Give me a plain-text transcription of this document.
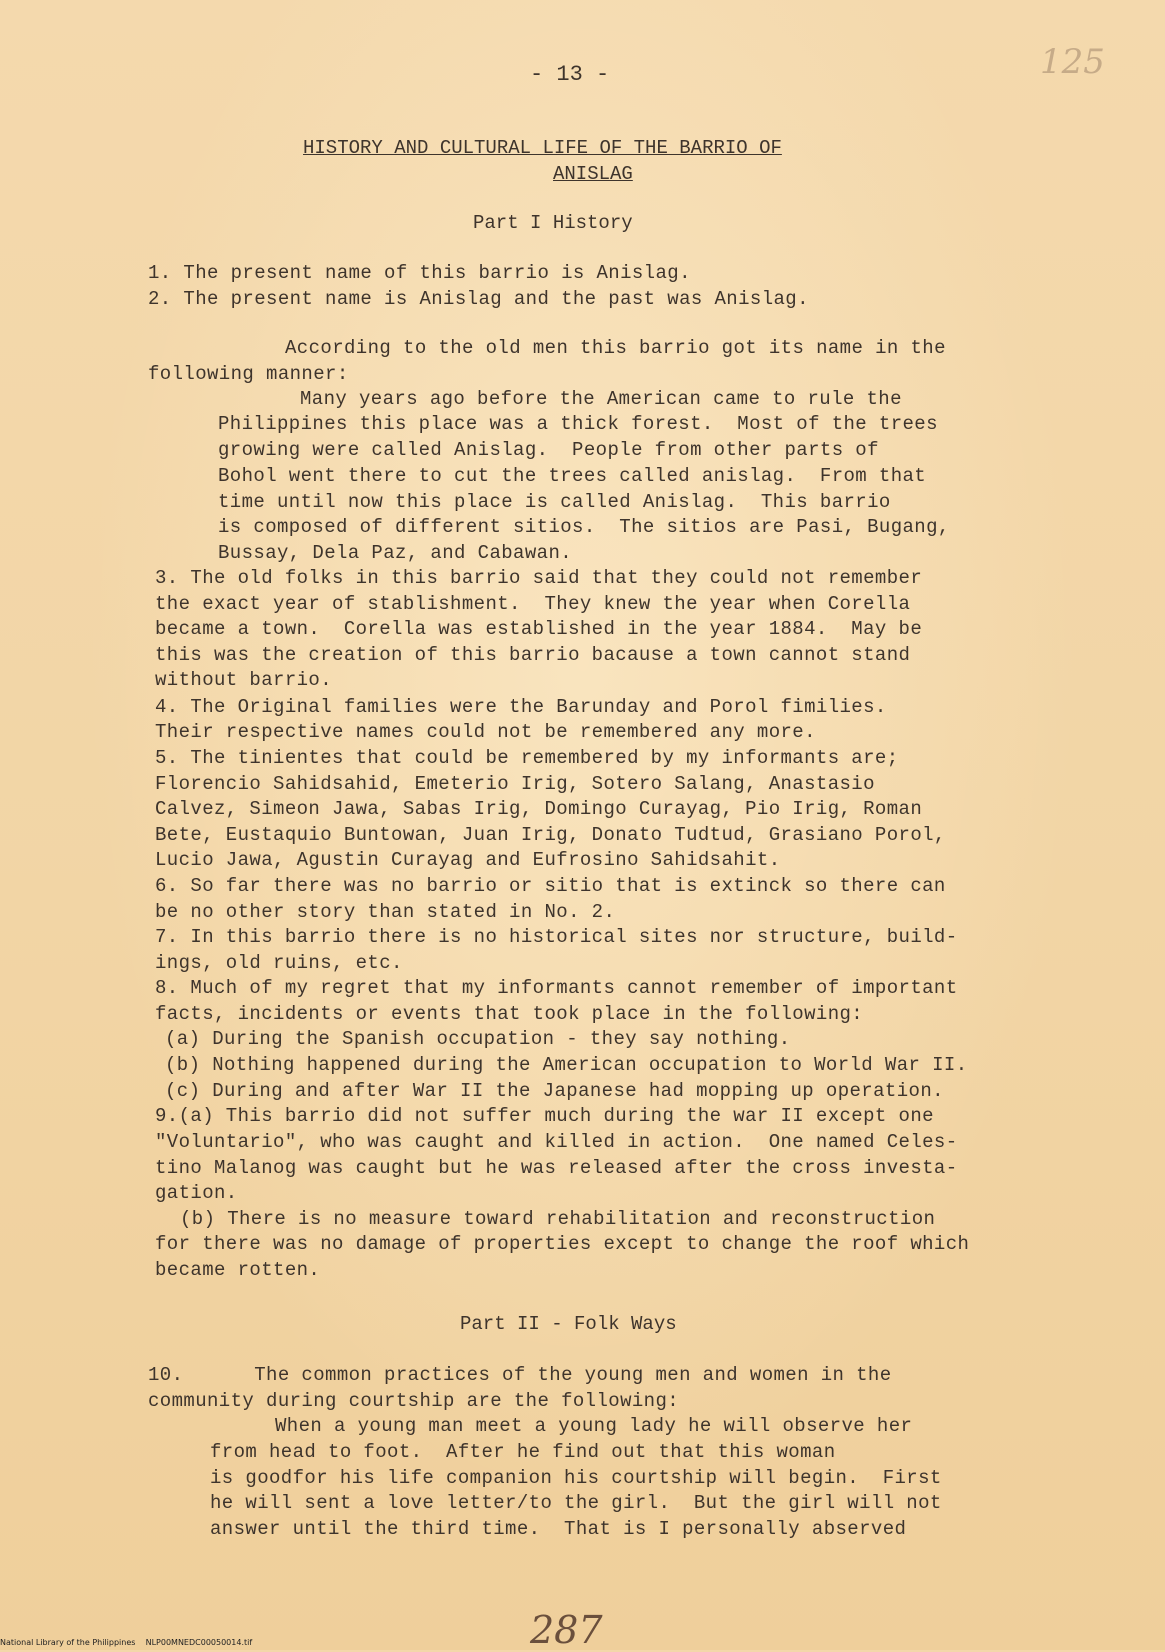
- 13 -	125
HISTORY AND CULTURAL LIFE OF THE BARRIO OF
ANISLAG
Part I History
1. The present name of this barrio is Anislag.
2. The present name is Anislag and the past was Anislag.
According to the old men this barrio got its name in the
following manner:
Many years ago before the American came to rule the
Philippines this place was a thick forest.  Most of the trees
growing were called Anislag.  People from other parts of
Bohol went there to cut the trees called anislag.  From that
time until now this place is called Anislag.  This barrio
is composed of different sitios.  The sitios are Pasi, Bugang,
Bussay, Dela Paz, and Cabawan.
3. The old folks in this barrio said that they could not remember
the exact year of stablishment.  They knew the year when Corella
became a town.  Corella was established in the year 1884.  May be
this was the creation of this barrio bacause a town cannot stand
without barrio.
4. The Original families were the Barunday and Porol fimilies.
Their respective names could not be remembered any more.
5. The tinientes that could be remembered by my informants are;
Florencio Sahidsahid, Emeterio Irig, Sotero Salang, Anastasio
Calvez, Simeon Jawa, Sabas Irig, Domingo Curayag, Pio Irig, Roman
Bete, Eustaquio Buntowan, Juan Irig, Donato Tudtud, Grasiano Porol,
Lucio Jawa, Agustin Curayag and Eufrosino Sahidsahit.
6. So far there was no barrio or sitio that is extinck so there can
be no other story than stated in No. 2.
7. In this barrio there is no historical sites nor structure, build-
ings, old ruins, etc.
8. Much of my regret that my informants cannot remember of important
facts, incidents or events that took place in the following:
(a) During the Spanish occupation - they say nothing.
(b) Nothing happened during the American occupation to World War II.
(c) During and after War II the Japanese had mopping up operation.
9.(a) This barrio did not suffer much during the war II except one
"Voluntario", who was caught and killed in action.  One named Celes-
tino Malanog was caught but he was released after the cross investa-
gation.
(b) There is no measure toward rehabilitation and reconstruction
for there was no damage of properties except to change the roof which
became rotten.
Part II - Folk Ways
10.      The common practices of the young men and women in the
community during courtship are the following:
When a young man meet a young lady he will observe her
from head to foot.  After he find out that this woman
is goodfor his life companion his courtship will begin.  First
he will sent a love letter/to the girl.  But the girl will not
answer until the third time.  That is I personally abserved
287
National Library of the Philippines    NLP00MNEDC00050014.tif
